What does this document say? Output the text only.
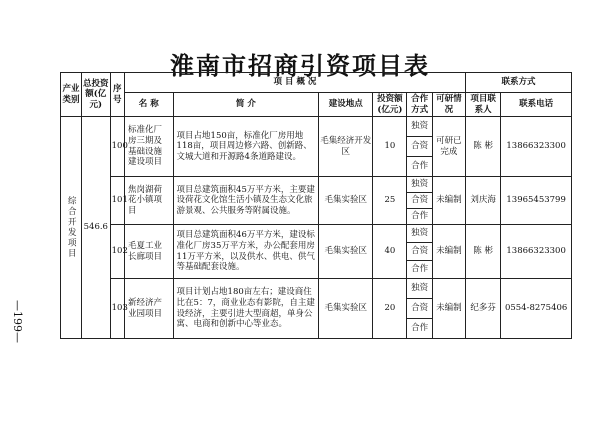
淮南市招商引资项目表
—199—
产业类别	总投资额(亿元)	序号	项 目 概 况						联系方式	
			名 称	简 介	建设地点	投资额(亿元)	合作方式	可研情况	项目联系人	联系电话

综合开发项目	546.6	100	标准化厂房三期及基础设施建设项目	项目占地150亩，标准化厂房用地118亩，项目周边修六路、创新路、文城大道和开源路4条道路建设。	毛集经济开发区	10	独资	可研已完成	陈 彬	13866323300
							合资			
							合作			
		101	焦岗湖荷花小镇项目	项目总建筑面积45万平方米，主要建设荷花文化馆生活小镇及生态文化旅游景观、公共服务等附属设施。	毛集实验区	25	独资	未编制	刘庆海	13965453799
							合资			
							合作			
		102	毛夏工业长廊项目	项目总建筑面积46万平方米，建设标准化厂房35万平方米，办公配套用房11万平方米，以及供水、供电、供气等基础配套设施。	毛集实验区	40	独资	未编制	陈 彬	13866323300
							合资			
							合作			
		103	新经济产业园项目	项目计划占地180亩左右；建设商住比在5：7，商业业态有影院，自主建设经济，主要引进大型商超，单身公寓、电商和创新中心等业态。	毛集实验区	20	独资	未编制	纪多芬	0554-8275406
							合资			
							合作			
